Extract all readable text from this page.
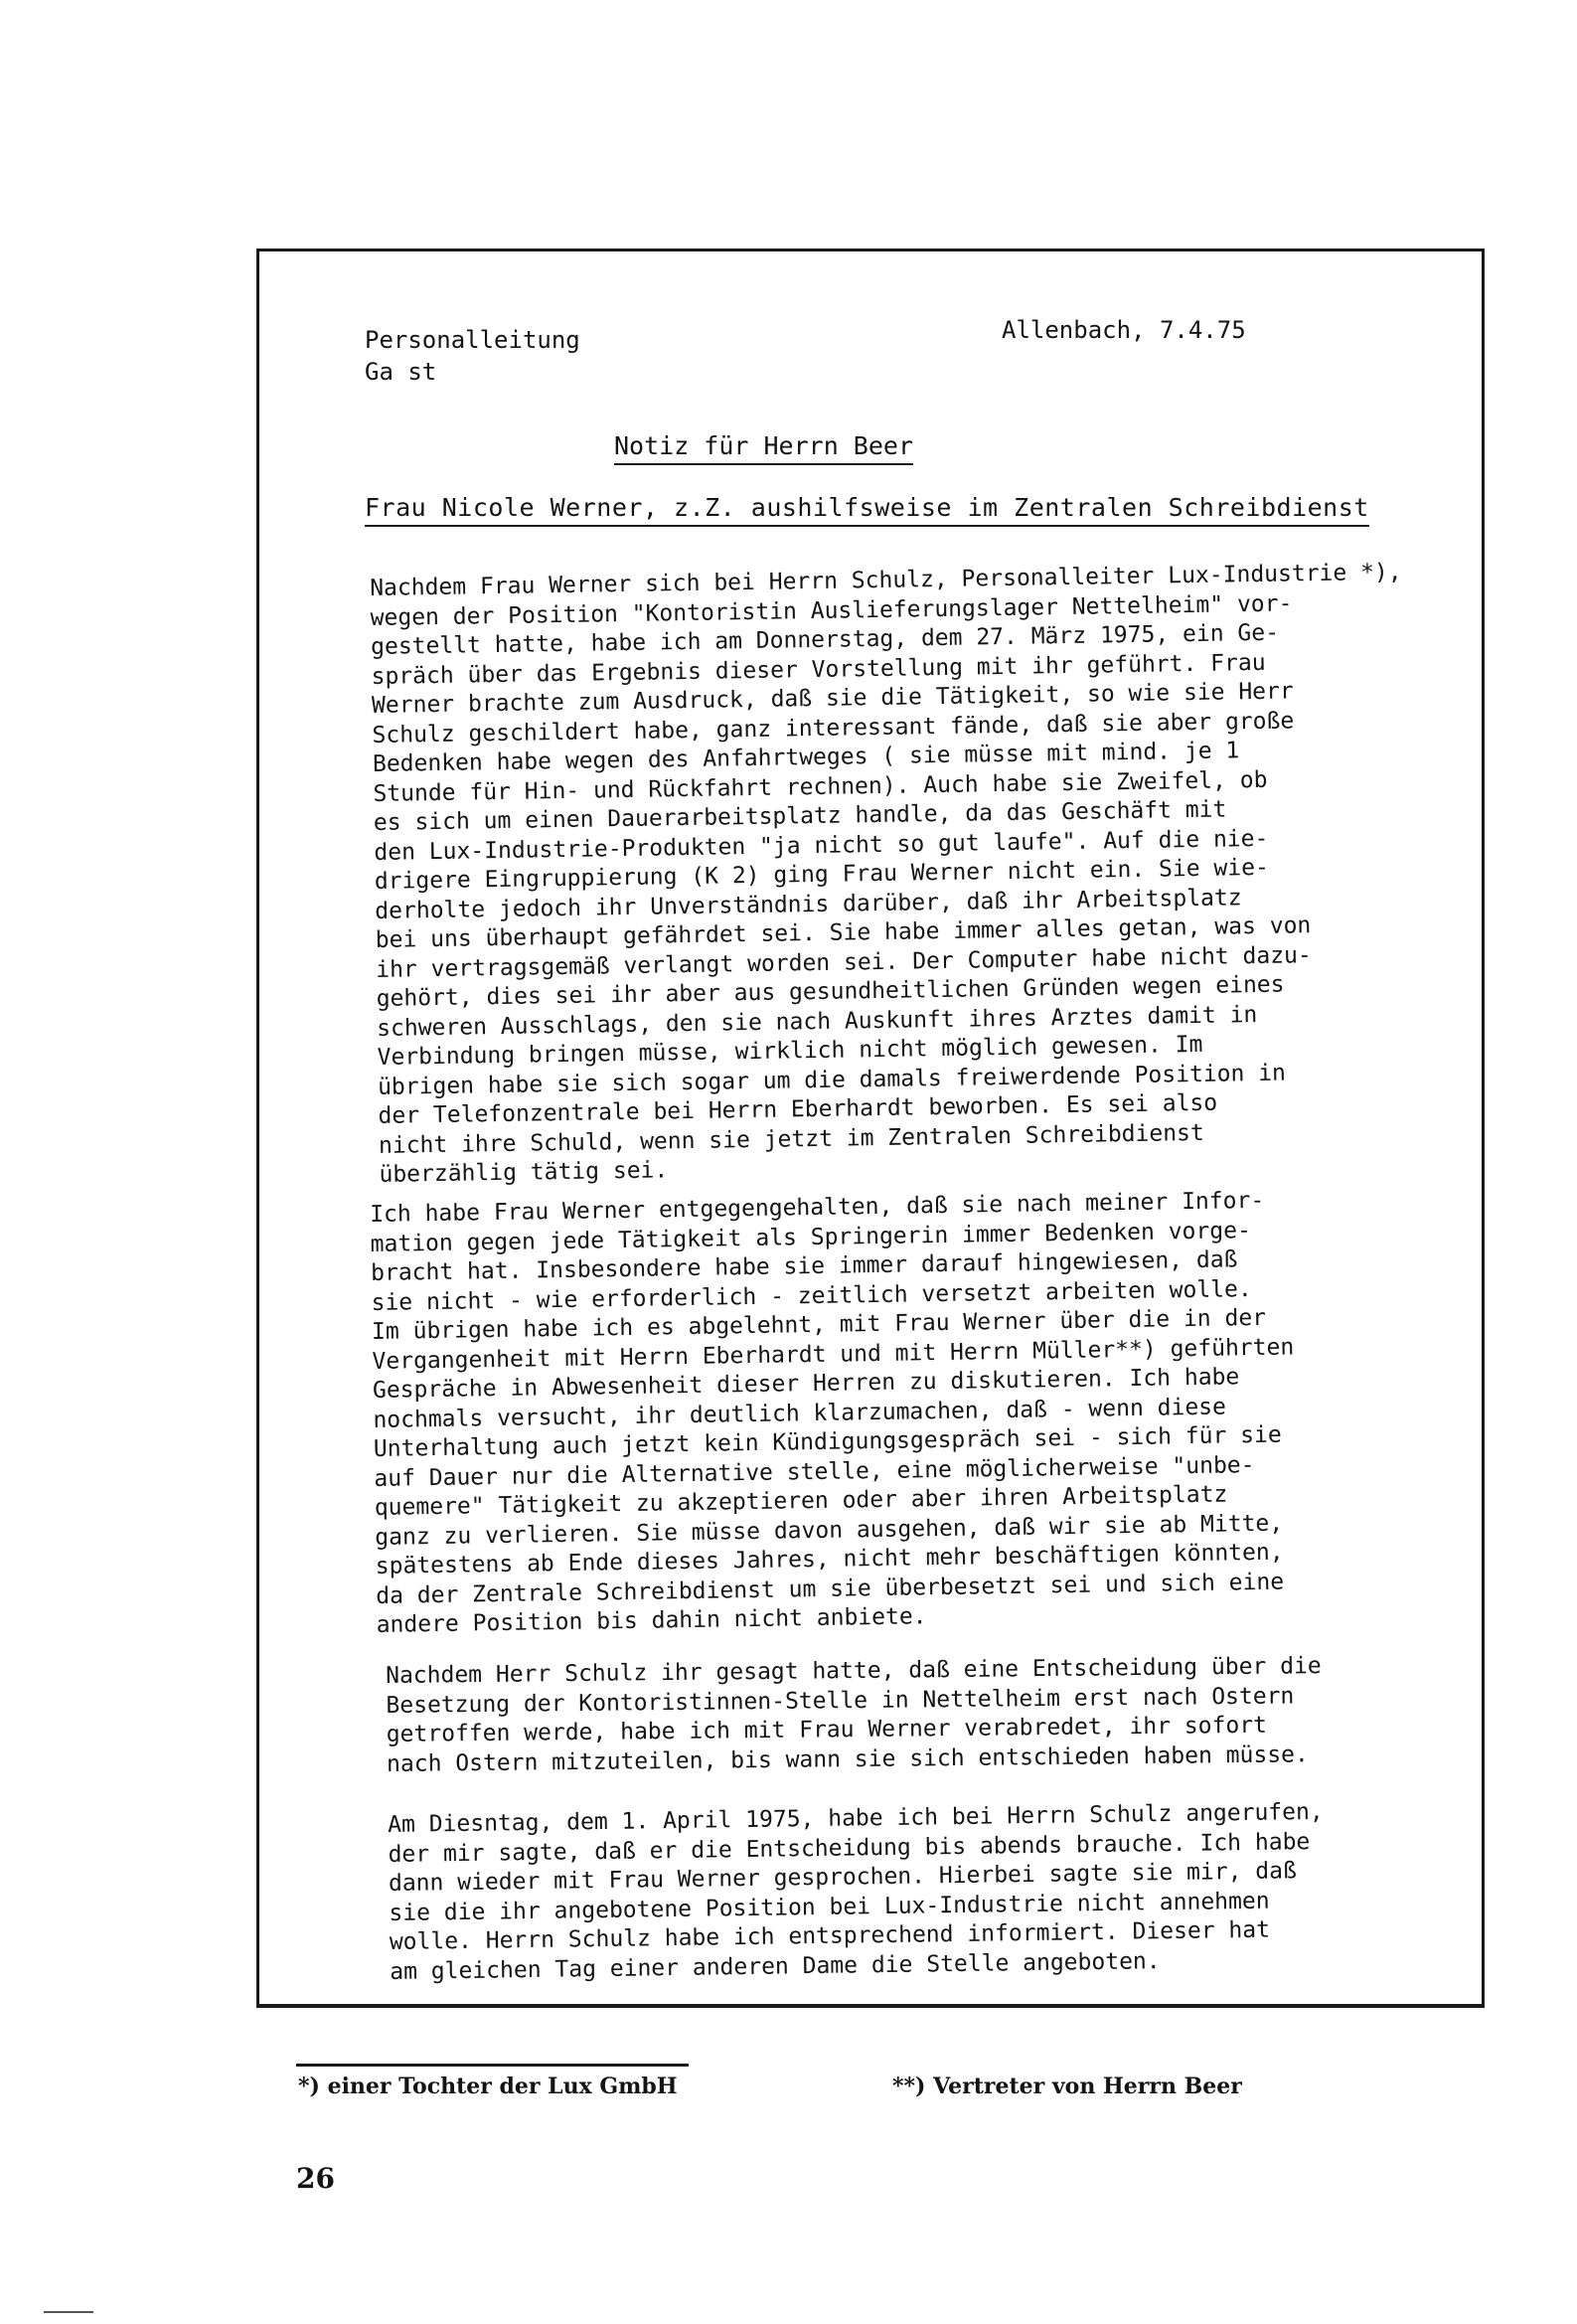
Personalleitung
Ga st
Allenbach, 7.4.75
Notiz für Herrn Beer
Frau Nicole Werner, z.Z. aushilfsweise im Zentralen Schreibdienst
Nachdem Frau Werner sich bei Herrn Schulz, Personalleiter Lux-Industrie *),
wegen der Position "Kontoristin Auslieferungslager Nettelheim" vor-
gestellt hatte, habe ich am Donnerstag, dem 27. März 1975, ein Ge-
spräch über das Ergebnis dieser Vorstellung mit ihr geführt. Frau
Werner brachte zum Ausdruck, daß sie die Tätigkeit, so wie sie Herr
Schulz geschildert habe, ganz interessant fände, daß sie aber große
Bedenken habe wegen des Anfahrtweges ( sie müsse mit mind. je 1
Stunde für Hin- und Rückfahrt rechnen). Auch habe sie Zweifel, ob
es sich um einen Dauerarbeitsplatz handle, da das Geschäft mit
den Lux-Industrie-Produkten "ja nicht so gut laufe". Auf die nie-
drigere Eingruppierung (K 2) ging Frau Werner nicht ein. Sie wie-
derholte jedoch ihr Unverständnis darüber, daß ihr Arbeitsplatz
bei uns überhaupt gefährdet sei. Sie habe immer alles getan, was von
ihr vertragsgemäß verlangt worden sei. Der Computer habe nicht dazu-
gehört, dies sei ihr aber aus gesundheitlichen Gründen wegen eines
schweren Ausschlags, den sie nach Auskunft ihres Arztes damit in
Verbindung bringen müsse, wirklich nicht möglich gewesen. Im
übrigen habe sie sich sogar um die damals freiwerdende Position in
der Telefonzentrale bei Herrn Eberhardt beworben. Es sei also
nicht ihre Schuld, wenn sie jetzt im Zentralen Schreibdienst
überzählig tätig sei.
Ich habe Frau Werner entgegengehalten, daß sie nach meiner Infor-
mation gegen jede Tätigkeit als Springerin immer Bedenken vorge-
bracht hat. Insbesondere habe sie immer darauf hingewiesen, daß
sie nicht - wie erforderlich - zeitlich versetzt arbeiten wolle.
Im übrigen habe ich es abgelehnt, mit Frau Werner über die in der
Vergangenheit mit Herrn Eberhardt und mit Herrn Müller**) geführten
Gespräche in Abwesenheit dieser Herren zu diskutieren. Ich habe
nochmals versucht, ihr deutlich klarzumachen, daß - wenn diese
Unterhaltung auch jetzt kein Kündigungsgespräch sei - sich für sie
auf Dauer nur die Alternative stelle, eine möglicherweise "unbe-
quemere" Tätigkeit zu akzeptieren oder aber ihren Arbeitsplatz
ganz zu verlieren. Sie müsse davon ausgehen, daß wir sie ab Mitte,
spätestens ab Ende dieses Jahres, nicht mehr beschäftigen könnten,
da der Zentrale Schreibdienst um sie überbesetzt sei und sich eine
andere Position bis dahin nicht anbiete.
Nachdem Herr Schulz ihr gesagt hatte, daß eine Entscheidung über die
Besetzung der Kontoristinnen-Stelle in Nettelheim erst nach Ostern
getroffen werde, habe ich mit Frau Werner verabredet, ihr sofort
nach Ostern mitzuteilen, bis wann sie sich entschieden haben müsse.
Am Diesntag, dem 1. April 1975, habe ich bei Herrn Schulz angerufen,
der mir sagte, daß er die Entscheidung bis abends brauche. Ich habe
dann wieder mit Frau Werner gesprochen. Hierbei sagte sie mir, daß
sie die ihr angebotene Position bei Lux-Industrie nicht annehmen
wolle. Herrn Schulz habe ich entsprechend informiert. Dieser hat
am gleichen Tag einer anderen Dame die Stelle angeboten.
*) einer Tochter der Lux GmbH	**) Vertreter von Herrn Beer
26
